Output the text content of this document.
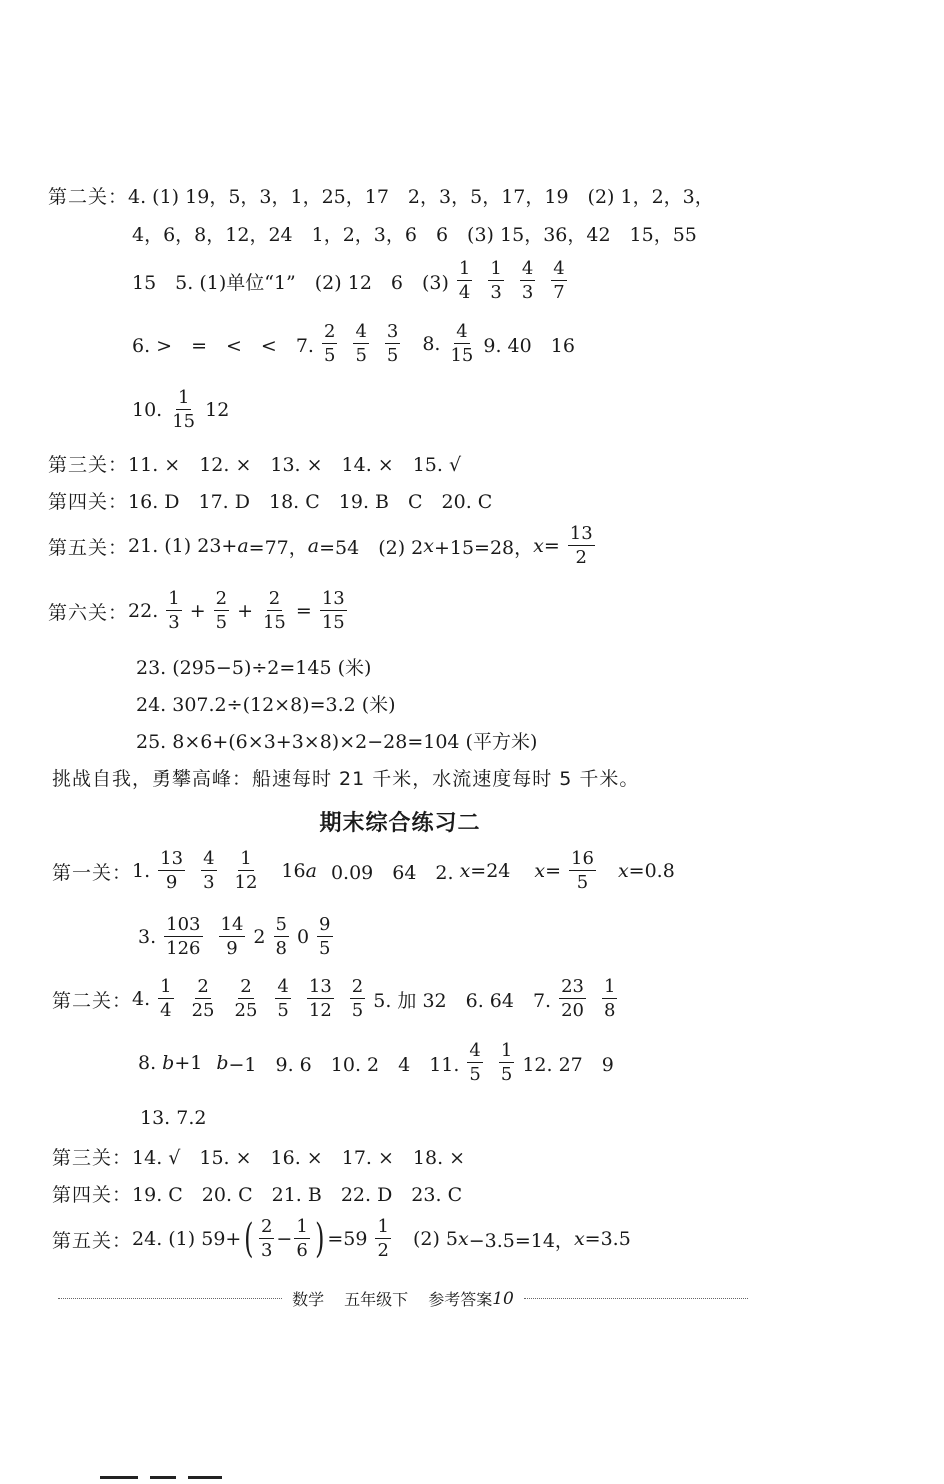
第二关： 4. (1) 19，5，3，1，25，17　2，3，5，17，19　(2) 1，2，3，
4，6，8，12，24　1，2，3，6　6　(3) 15，36，42　15，55
15　5. (1)单位“1”　(2) 12　6　$(3) \frac{1}{4} \frac{1}{3} \frac{4}{3} \frac{4}{7}$
6. >　=　<　<　7. $\frac{2}{5} \frac{4}{5} \frac{3}{5} 8$. $\frac{4}{15} 9$. 40　16
10. $\frac{1}{15} 12$
第三关： 11. ×　12. ×　13. ×　14. ×　15. √
第四关： 16. D　17. D　18. C　19. B　C　20. C
第五关： 21. (1) 23+ a =77， a =54　(2) 2 x +15=28， $x = \frac{13}{2}$
第六关： 22. $\frac{1}{3} + \frac{2}{5} + \frac{2}{15} = \frac{13}{15}$
23. (295−5)÷2=145 (米)
24. 307.2÷(12×8)=3.2 (米)
25. 8×6+(6×3+3×8)×2−28=104 (平方米)
挑战自我，勇攀高峰：船速每时 21 千米，水流速度每时 5 千米。
期末综合练习二
第一关： 1. $\frac{13}{9} \frac{4}{3} \frac{1}{12} 16$ a 0.09　64　2. x =24 $x = \frac{16}{5}$ x =0.8
3. $\frac{103}{126} \frac{14}{9} 2 \frac{5}{8} 0 \frac{9}{5}$
第二关： 4. $\frac{1}{4} \frac{2}{25} \frac{2}{25} \frac{4}{5} \frac{13}{12} \frac{2}{5} 5$. 加 32　6. 64　7. $\frac{23}{20} \frac{1}{8}$
8. b +1 b −1　9. 6　10. 2　4　11. $\frac{4}{5} \frac{1}{5} 12$. 27　9
13. 7.2
第三关： 14. √　15. ×　16. ×　17. ×　18. ×
第四关： 19. C　20. C　21. B　22. D　23. C
第五关： 24. (1) 59+ ( $\frac{2}{3} - \frac{1}{6}$ ) $=59 \frac{1}{2} (2)$ 5 x −3.5=14， x =3.5
数学	五年级下	参考答案 10
